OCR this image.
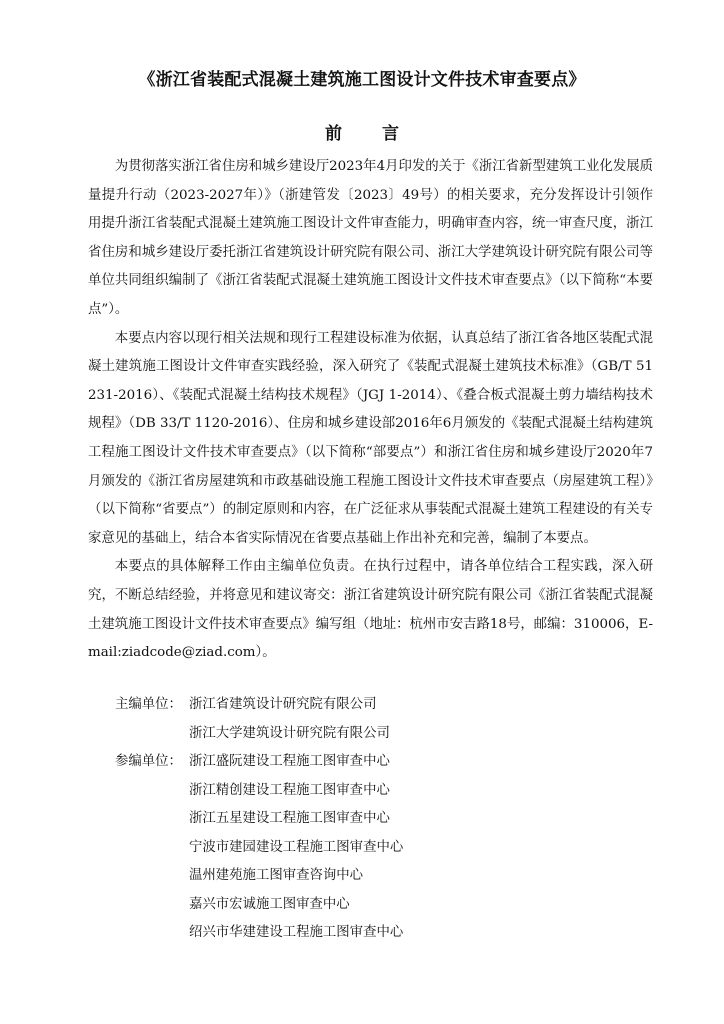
《浙江省装配式混凝土建筑施工图设计文件技术审查要点》
前 言

为贯彻落实浙江省住房和城乡建设厅2023年4月印发的关于《浙江省新型建筑工业化发展质量提升行动（2023-2027年）》（浙建管发〔2023〕49号）的相关要求，充分发挥设计引领作用提升浙江省装配式混凝土建筑施工图设计文件审查能力，明确审查内容，统一审查尺度，浙江省住房和城乡建设厅委托浙江省建筑设计研究院有限公司、浙江大学建筑设计研究院有限公司等单位共同组织编制了《浙江省装配式混凝土建筑施工图设计文件技术审查要点》（以下简称“本要点”）。

本要点内容以现行相关法规和现行工程建设标准为依据，认真总结了浙江省各地区装配式混凝土建筑施工图设计文件审查实践经验，深入研究了《装配式混凝土建筑技术标准》（GB/T 51231-2016）、《装配式混凝土结构技术规程》（JGJ 1-2014）、《叠合板式混凝土剪力墙结构技术规程》（DB 33/T 1120-2016）、住房和城乡建设部2016年6月颁发的《装配式混凝土结构建筑工程施工图设计文件技术审查要点》（以下简称“部要点”）和浙江省住房和城乡建设厅2020年7月颁发的《浙江省房屋建筑和市政基础设施工程施工图设计文件技术审查要点（房屋建筑工程）》（以下简称“省要点”）的制定原则和内容，在广泛征求从事装配式混凝土建筑工程建设的有关专家意见的基础上，结合本省实际情况在省要点基础上作出补充和完善，编制了本要点。

本要点的具体解释工作由主编单位负责。在执行过程中，请各单位结合工程实践，深入研究，不断总结经验，并将意见和建议寄交：浙江省建筑设计研究院有限公司《浙江省装配式混凝土建筑施工图设计文件技术审查要点》编写组（地址：杭州市安吉路18号，邮编：310006，E-mail:ziadcode@ziad.com）。

主编单位： 浙江省建筑设计研究院有限公司
浙江大学建筑设计研究院有限公司
参编单位： 浙江盛阮建设工程施工图审查中心
浙江精创建设工程施工图审查中心
浙江五星建设工程施工图审查中心
宁波市建园建设工程施工图审查中心
温州建苑施工图审查咨询中心
嘉兴市宏诚施工图审查中心
绍兴市华建建设工程施工图审查中心
